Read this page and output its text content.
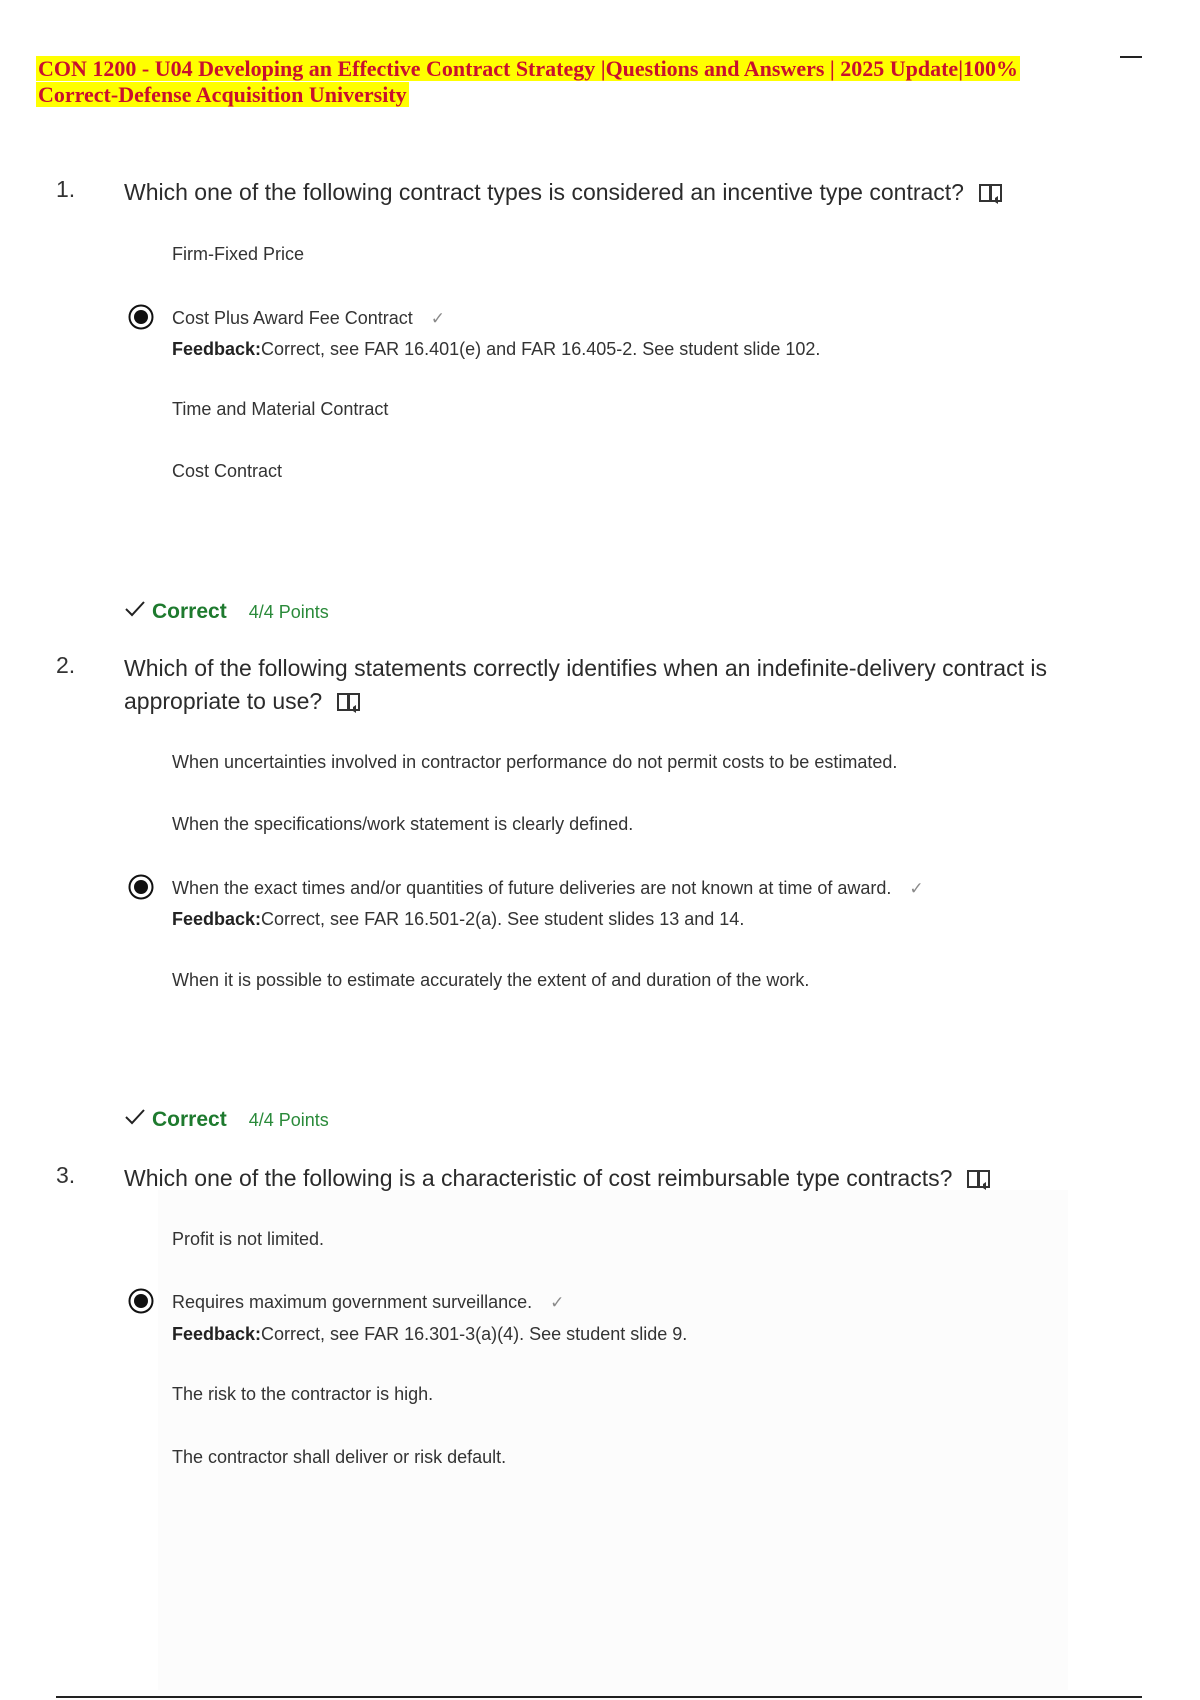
CON 1200 - U04 Developing an Effective Contract Strategy |Questions and Answers | 2025 Update|100%
Correct-Defense Acquisition University
1. Which one of the following contract types is considered an incentive type contract?
Firm-Fixed Price
Cost Plus Award Fee Contract ✓
Feedback:Correct, see FAR 16.401(e) and FAR 16.405-2. See student slide 102.
Time and Material Contract
Cost Contract
Correct 4/4 Points
2. Which of the following statements correctly identifies when an indefinite-delivery contract is appropriate to use?
When uncertainties involved in contractor performance do not permit costs to be estimated.
When the specifications/work statement is clearly defined.
When the exact times and/or quantities of future deliveries are not known at time of award. ✓
Feedback:Correct, see FAR 16.501-2(a). See student slides 13 and 14.
When it is possible to estimate accurately the extent of and duration of the work.
Correct 4/4 Points
3. Which one of the following is a characteristic of cost reimbursable type contracts?
Profit is not limited.
Requires maximum government surveillance. ✓
Feedback:Correct, see FAR 16.301-3(a)(4). See student slide 9.
The risk to the contractor is high.
The contractor shall deliver or risk default.
